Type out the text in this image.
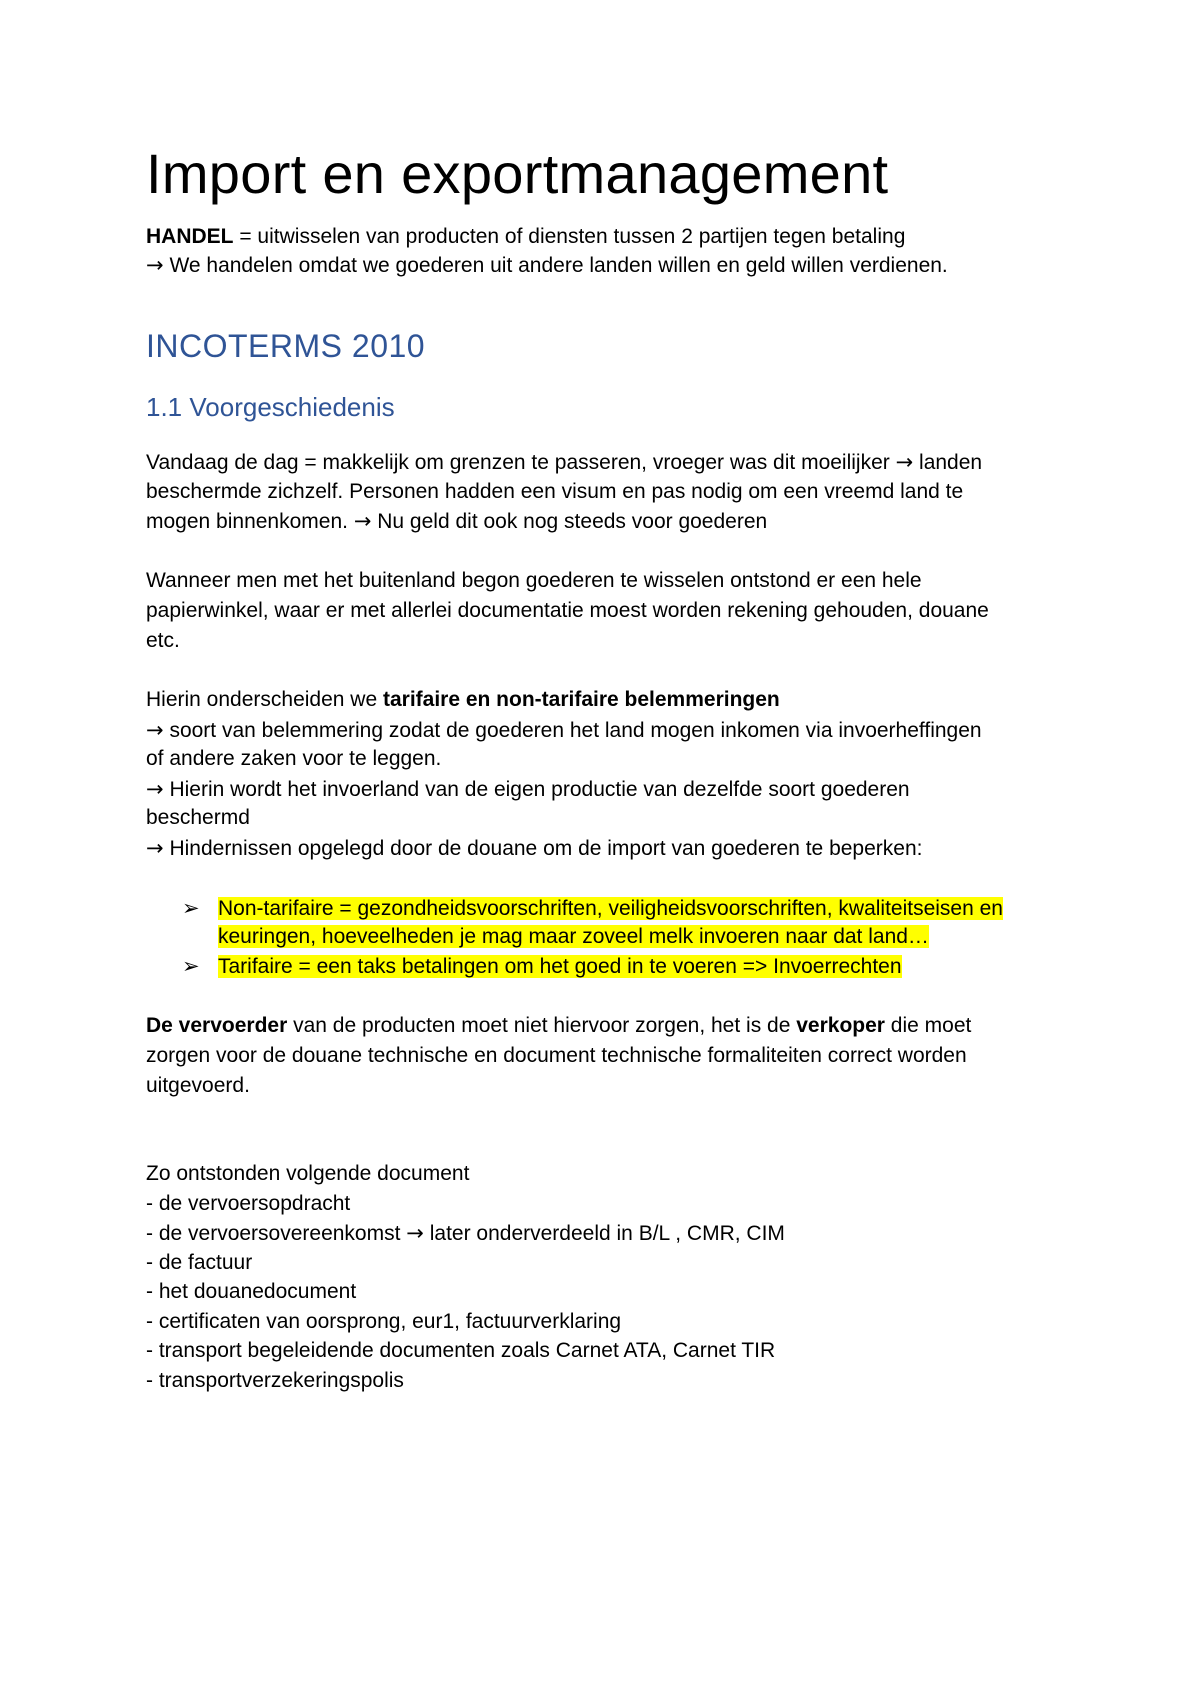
Import en exportmanagement
HANDEL = uitwisselen van producten of diensten tussen 2 partijen tegen betaling
→ We handelen omdat we goederen uit andere landen willen en geld willen verdienen.
INCOTERMS 2010
1.1 Voorgeschiedenis
Vandaag de dag = makkelijk om grenzen te passeren, vroeger was dit moeilijker → landen
beschermde zichzelf. Personen hadden een visum en pas nodig om een vreemd land te
mogen binnenkomen. → Nu geld dit ook nog steeds voor goederen
Wanneer men met het buitenland begon goederen te wisselen ontstond er een hele
papierwinkel, waar er met allerlei documentatie moest worden rekening gehouden, douane
etc.
Hierin onderscheiden we tarifaire en non-tarifaire belemmeringen
→ soort van belemmering zodat de goederen het land mogen inkomen via invoerheffingen
of andere zaken voor te leggen.
→ Hierin wordt het invoerland van de eigen productie van dezelfde soort goederen
beschermd
→ Hindernissen opgelegd door de douane om de import van goederen te beperken:
➢ Non-tarifaire = gezondheidsvoorschriften, veiligheidsvoorschriften, kwaliteitseisen en
keuringen, hoeveelheden je mag maar zoveel melk invoeren naar dat land…
➢ Tarifaire = een taks betalingen om het goed in te voeren => Invoerrechten
De vervoerder van de producten moet niet hiervoor zorgen, het is de verkoper die moet
zorgen voor de douane technische en document technische formaliteiten correct worden
uitgevoerd.
Zo ontstonden volgende document
- de vervoersopdracht
- de vervoersovereenkomst → later onderverdeeld in B/L , CMR, CIM
- de factuur
- het douanedocument
- certificaten van oorsprong, eur1, factuurverklaring
- transport begeleidende documenten zoals Carnet ATA, Carnet TIR
- transportverzekeringspolis
